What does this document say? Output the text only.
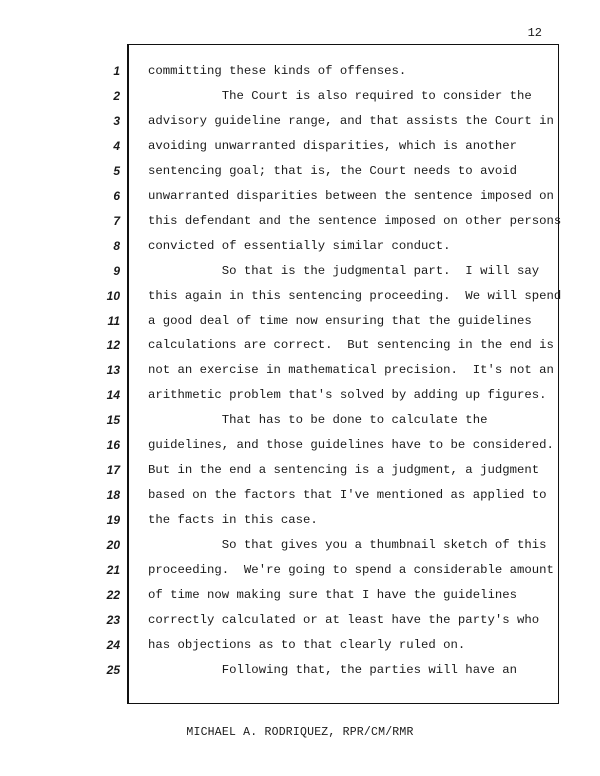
12
1
2
3
4
5
6
7
8
9
10
11
12
13
14
15
16
17
18
19
20
21
22
23
24
25
committing these kinds of offenses.
The Court is also required to consider the
advisory guideline range, and that assists the Court in
avoiding unwarranted disparities, which is another
sentencing goal; that is, the Court needs to avoid
unwarranted disparities between the sentence imposed on
this defendant and the sentence imposed on other persons
convicted of essentially similar conduct.
So that is the judgmental part.  I will say
this again in this sentencing proceeding.  We will spend
a good deal of time now ensuring that the guidelines
calculations are correct.  But sentencing in the end is
not an exercise in mathematical precision.  It's not an
arithmetic problem that's solved by adding up figures.
That has to be done to calculate the
guidelines, and those guidelines have to be considered.
But in the end a sentencing is a judgment, a judgment
based on the factors that I've mentioned as applied to
the facts in this case.
So that gives you a thumbnail sketch of this
proceeding.  We're going to spend a considerable amount
of time now making sure that I have the guidelines
correctly calculated or at least have the party's who
has objections as to that clearly ruled on.
Following that, the parties will have an
MICHAEL A. RODRIQUEZ, RPR/CM/RMR
